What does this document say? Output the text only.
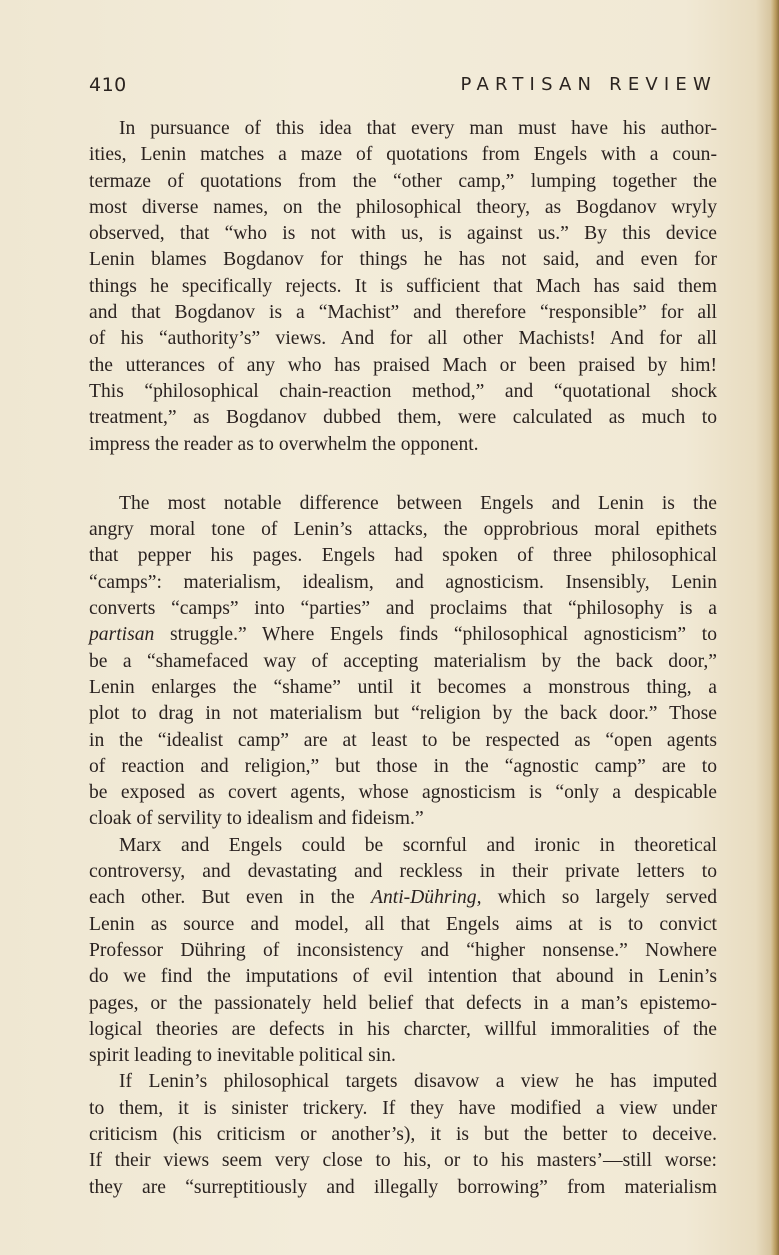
410	PARTISAN REVIEW

In pursuance of this idea that every man must have his author-
ities, Lenin matches a maze of quotations from Engels with a coun-
termaze of quotations from the “other camp,” lumping together the
most diverse names, on the philosophical theory, as Bogdanov wryly
observed, that “who is not with us, is against us.” By this device
Lenin blames Bogdanov for things he has not said, and even for
things he specifically rejects. It is sufficient that Mach has said them
and that Bogdanov is a “Machist” and therefore “responsible” for all
of his “authority’s” views. And for all other Machists! And for all
the utterances of any who has praised Mach or been praised by him!
This “philosophical chain-reaction method,” and “quotational shock
treatment,” as Bogdanov dubbed them, were calculated as much to
impress the reader as to overwhelm the opponent.

The most notable difference between Engels and Lenin is the
angry moral tone of Lenin’s attacks, the opprobrious moral epithets
that pepper his pages. Engels had spoken of three philosophical
“camps”: materialism, idealism, and agnosticism. Insensibly, Lenin
converts “camps” into “parties” and proclaims that “philosophy is a
partisan struggle.” Where Engels finds “philosophical agnosticism” to
be a “shamefaced way of accepting materialism by the back door,”
Lenin enlarges the “shame” until it becomes a monstrous thing, a
plot to drag in not materialism but “religion by the back door.” Those
in the “idealist camp” are at least to be respected as “open agents
of reaction and religion,” but those in the “agnostic camp” are to
be exposed as covert agents, whose agnosticism is “only a despicable
cloak of servility to idealism and fideism.”

Marx and Engels could be scornful and ironic in theoretical
controversy, and devastating and reckless in their private letters to
each other. But even in the Anti-Dühring, which so largely served
Lenin as source and model, all that Engels aims at is to convict
Professor Dühring of inconsistency and “higher nonsense.” Nowhere
do we find the imputations of evil intention that abound in Lenin’s
pages, or the passionately held belief that defects in a man’s epistemo-
logical theories are defects in his charcter, willful immoralities of the
spirit leading to inevitable political sin.

If Lenin’s philosophical targets disavow a view he has imputed
to them, it is sinister trickery. If they have modified a view under
criticism (his criticism or another’s), it is but the better to deceive.
If their views seem very close to his, or to his masters’—still worse:
they are “surreptitiously and illegally borrowing” from materialism
